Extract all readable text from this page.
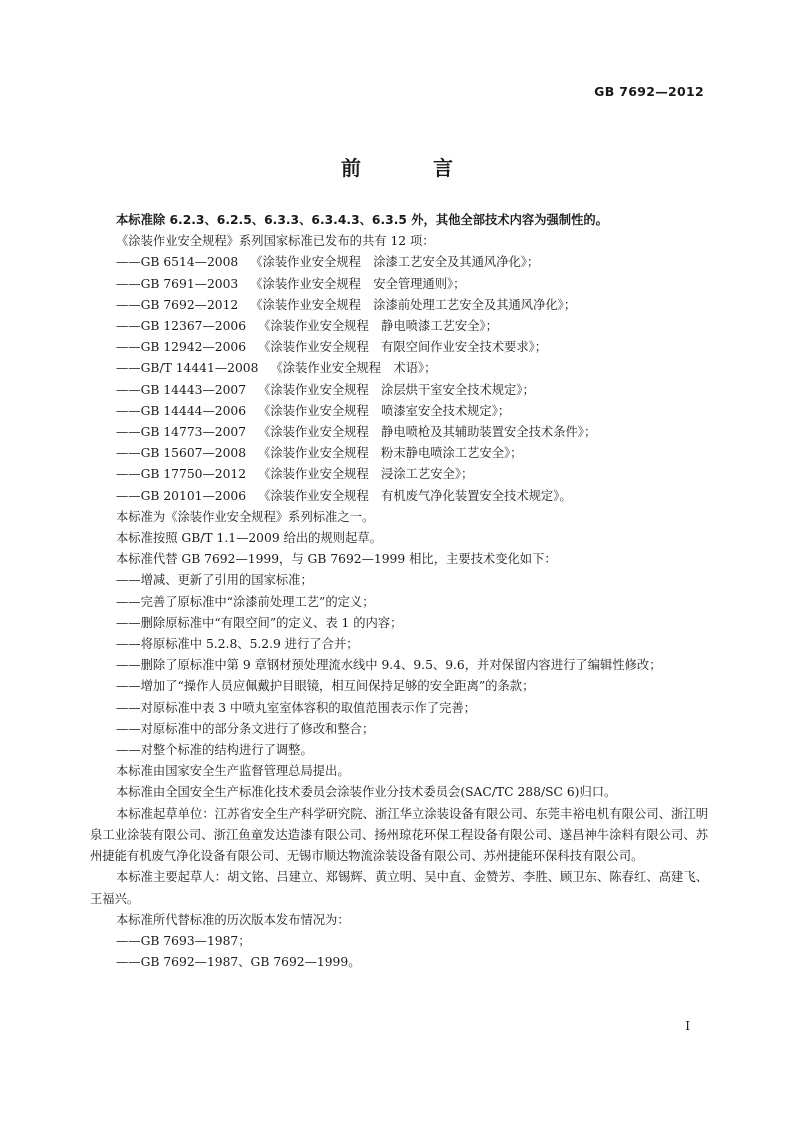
GB 7692—2012
前　言

本标准除 6.2.3、6.2.5、6.3.3、6.3.4.3、6.3.5 外，其他全部技术内容为强制性的。

《涂装作业安全规程》系列国家标准已发布的共有 12 项：

——GB 6514—2008 《涂装作业安全规程　涂漆工艺安全及其通风净化》；

——GB 7691—2003 《涂装作业安全规程　安全管理通则》；

——GB 7692—2012 《涂装作业安全规程　涂漆前处理工艺安全及其通风净化》；

——GB 12367—2006 《涂装作业安全规程　静电喷漆工艺安全》；

——GB 12942—2006 《涂装作业安全规程　有限空间作业安全技术要求》；

——GB/T 14441—2008 《涂装作业安全规程　术语》；

——GB 14443—2007 《涂装作业安全规程　涂层烘干室安全技术规定》；

——GB 14444—2006 《涂装作业安全规程　喷漆室安全技术规定》；

——GB 14773—2007 《涂装作业安全规程　静电喷枪及其辅助装置安全技术条件》；

——GB 15607—2008 《涂装作业安全规程　粉末静电喷涂工艺安全》；

——GB 17750—2012 《涂装作业安全规程　浸涂工艺安全》；

——GB 20101—2006 《涂装作业安全规程　有机废气净化装置安全技术规定》。

本标准为《涂装作业安全规程》系列标准之一。

本标准按照 GB/T 1.1—2009 给出的规则起草。

本标准代替 GB 7692—1999，与 GB 7692—1999 相比，主要技术变化如下：

——增减、更新了引用的国家标准；

——完善了原标准中“涂漆前处理工艺”的定义；

——删除原标准中“有限空间”的定义、表 1 的内容；

——将原标准中 5.2.8、5.2.9 进行了合并；

——删除了原标准中第 9 章钢材预处理流水线中 9.4、9.5、9.6，并对保留内容进行了编辑性修改；

——增加了“操作人员应佩戴护目眼镜，相互间保持足够的安全距离”的条款；

——对原标准中表 3 中喷丸室室体容积的取值范围表示作了完善；

——对原标准中的部分条文进行了修改和整合；

——对整个标准的结构进行了调整。

本标准由国家安全生产监督管理总局提出。

本标准由全国安全生产标准化技术委员会涂装作业分技术委员会(SAC/TC 288/SC 6)归口。

本标准起草单位：江苏省安全生产科学研究院、浙江华立涂装设备有限公司、东莞丰裕电机有限公司、浙江明泉工业涂装有限公司、浙江鱼童发达造漆有限公司、扬州琼花环保工程设备有限公司、遂昌神牛涂料有限公司、苏州捷能有机废气净化设备有限公司、无锡市顺达物流涂装设备有限公司、苏州捷能环保科技有限公司。

本标准主要起草人：胡文铭、吕建立、郑锡辉、黄立明、吴中直、金赞芳、李胜、顾卫东、陈春红、高建飞、王福兴。

本标准所代替标准的历次版本发布情况为：

——GB 7693—1987；

——GB 7692—1987、GB 7692—1999。

I
